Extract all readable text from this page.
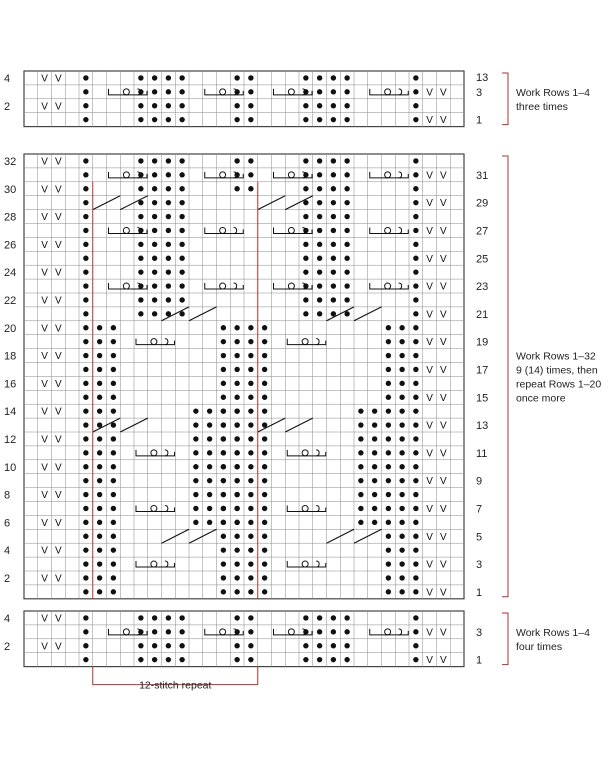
V V
V V
V V
V V
V V
V V
V V
V V
V V
V V
V V
V V
V V
V V
V V
V V
V V
V V
V V
V V
V V
V V
V V
V V
V V
V V
V V
V V
V V
V V
V V
V V
V V
V V
V V
V V
V V
V V
V V
V V
4
2
3
1
Work Rows 1–4
three times
32
30
28
26
24
22
20
18
16
14
12
10
8
6
4
2
31
29
27
25
23
21
19
17
15
13
11
9
7
5
3
1
Work Rows 1–32
9 (14) times, then
repeat Rows 1–20
once more
4
2
3
1
Work Rows 1–4
four times
13
12-stitch repeat
